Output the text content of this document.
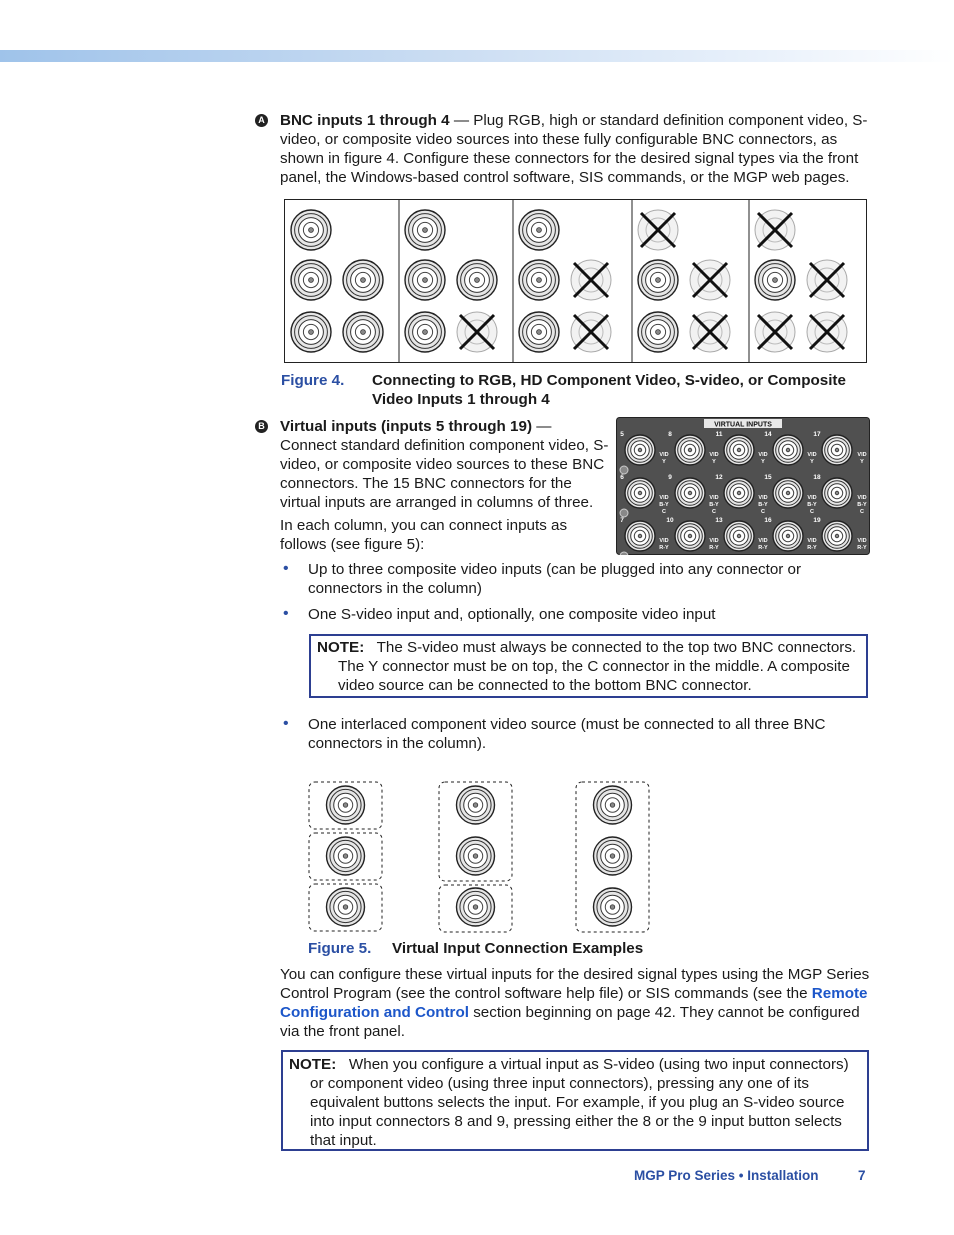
A BNC inputs 1 through 4 — Plug RGB, high or standard definition component video, S-video, or composite video sources into these fully configurable BNC connectors, as shown in figure 4. Configure these connectors for the desired signal types via the front panel, the Windows-based control software, SIS commands, or the MGP web pages.
Figure 4. Connecting to RGB, HD Component Video, S-video, or Composite Video Inputs 1 through 4
B Virtual inputs (inputs 5 through 19) —
Connect standard definition component video, S-video, or composite video sources to these BNC connectors. The 15 BNC connectors for the virtual inputs are arranged in columns of three.
In each column, you can connect inputs as follows (see figure 5):
VIRTUAL INPUTS
5
VID
Y
8
VID
Y
11
VID
Y
14
VID
Y
17
VID
Y
6
VID
B-Y
C
9
VID
B-Y
C
12
VID
B-Y
C
15
VID
B-Y
C
18
VID
B-Y
C
7
VID
R-Y
10
VID
R-Y
13
VID
R-Y
16
VID
R-Y
19
VID
R-Y
• Up to three composite video inputs (can be plugged into any connector or connectors in the column)
• One S-video input and, optionally, one composite video input
NOTE: The S-video must always be connected to the top two BNC connectors. The Y connector must be on top, the C connector in the middle. A composite video source can be connected to the bottom BNC connector.
• One interlaced component video source (must be connected to all three BNC connectors in the column).
Figure 5. Virtual Input Connection Examples
You can configure these virtual inputs for the desired signal types using the MGP Series Control Program (see the control software help file) or SIS commands (see the Remote Configuration and Control section beginning on page 42. They cannot be configured via the front panel.
NOTE: When you configure a virtual input as S-video (using two input connectors) or component video (using three input connectors), pressing any one of its equivalent buttons selects the input. For example, if you plug an S-video source into input connectors 8 and 9, pressing either the 8 or the 9 input button selects that input.
MGP Pro Series • Installation	7
